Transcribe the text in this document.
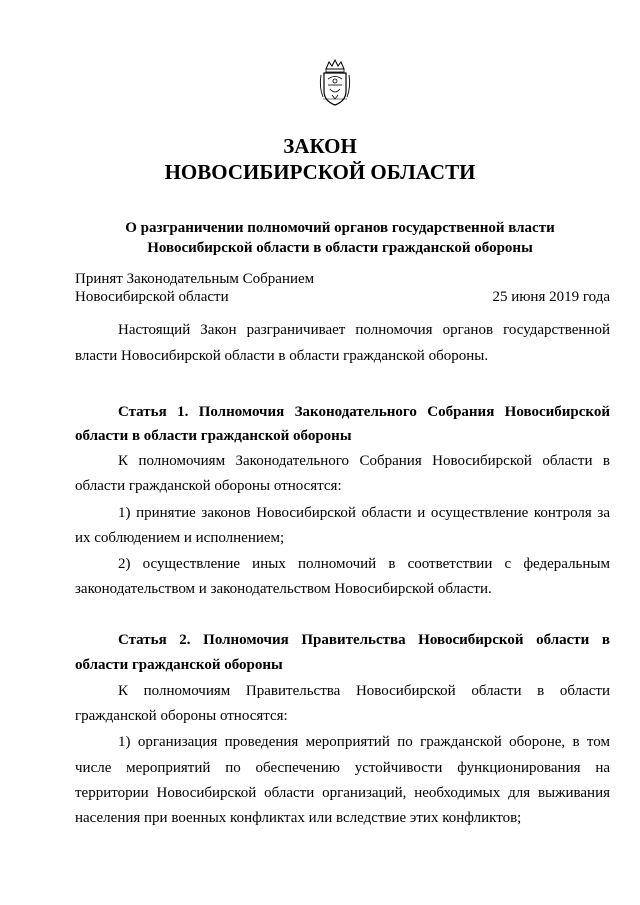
ЗАКОН
НОВОСИБИРСКОЙ ОБЛАСТИ
О разграничении полномочий органов государственной власти
Новосибирской области в области гражданской обороны
Принят Законодательным Собранием
Новосибирской области	25 июня 2019 года
Настоящий Закон разграничивает полномочия органов государственной
власти Новосибирской области в области гражданской обороны.
Статья 1. Полномочия Законодательного Собрания Новосибирской
области в области гражданской обороны
К полномочиям Законодательного Собрания Новосибирской области в
области гражданской обороны относятся:
1) принятие законов Новосибирской области и осуществление контроля за
их соблюдением и исполнением;
2) осуществление иных полномочий в соответствии с федеральным
законодательством и законодательством Новосибирской области.
Статья 2. Полномочия Правительства Новосибирской области в
области гражданской обороны
К полномочиям Правительства Новосибирской области в области
гражданской обороны относятся:
1) организация проведения мероприятий по гражданской обороне, в том
числе мероприятий по обеспечению устойчивости функционирования на
территории Новосибирской области организаций, необходимых для выживания
населения при военных конфликтах или вследствие этих конфликтов;
